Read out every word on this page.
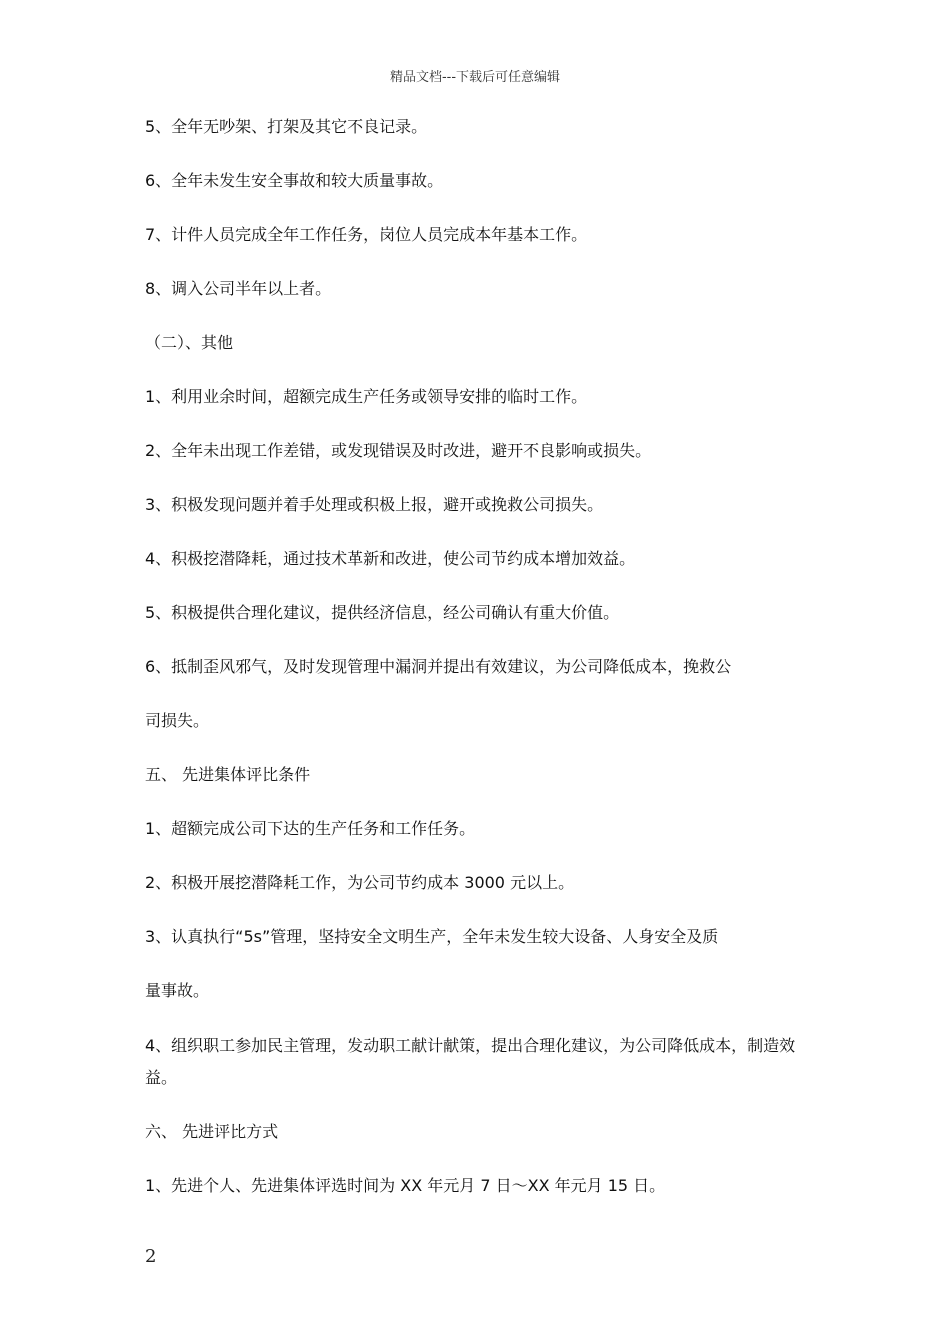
精品文档---下载后可任意编辑
5、全年无吵架、打架及其它不良记录。
6、全年未发生安全事故和较大质量事故。
7、计件人员完成全年工作任务，岗位人员完成本年基本工作。
8、调入公司半年以上者。
（二）、其他
1、利用业余时间，超额完成生产任务或领导安排的临时工作。
2、全年未出现工作差错，或发现错误及时改进，避开不良影响或损失。
3、积极发现问题并着手处理或积极上报，避开或挽救公司损失。
4、积极挖潜降耗，通过技术革新和改进，使公司节约成本增加效益。
5、积极提供合理化建议，提供经济信息，经公司确认有重大价值。
6、抵制歪风邪气，及时发现管理中漏洞并提出有效建议，为公司降低成本，挽救公
司损失。
五、 先进集体评比条件
1、超额完成公司下达的生产任务和工作任务。
2、积极开展挖潜降耗工作，为公司节约成本 3000 元以上。
3、认真执行“5s”管理，坚持安全文明生产，全年未发生较大设备、人身安全及质
量事故。
4、组织职工参加民主管理，发动职工献计献策，提出合理化建议，为公司降低成本，制造效益。
六、 先进评比方式
1、先进个人、先进集体评选时间为 XX 年元月 7 日～XX 年元月 15 日。
2
